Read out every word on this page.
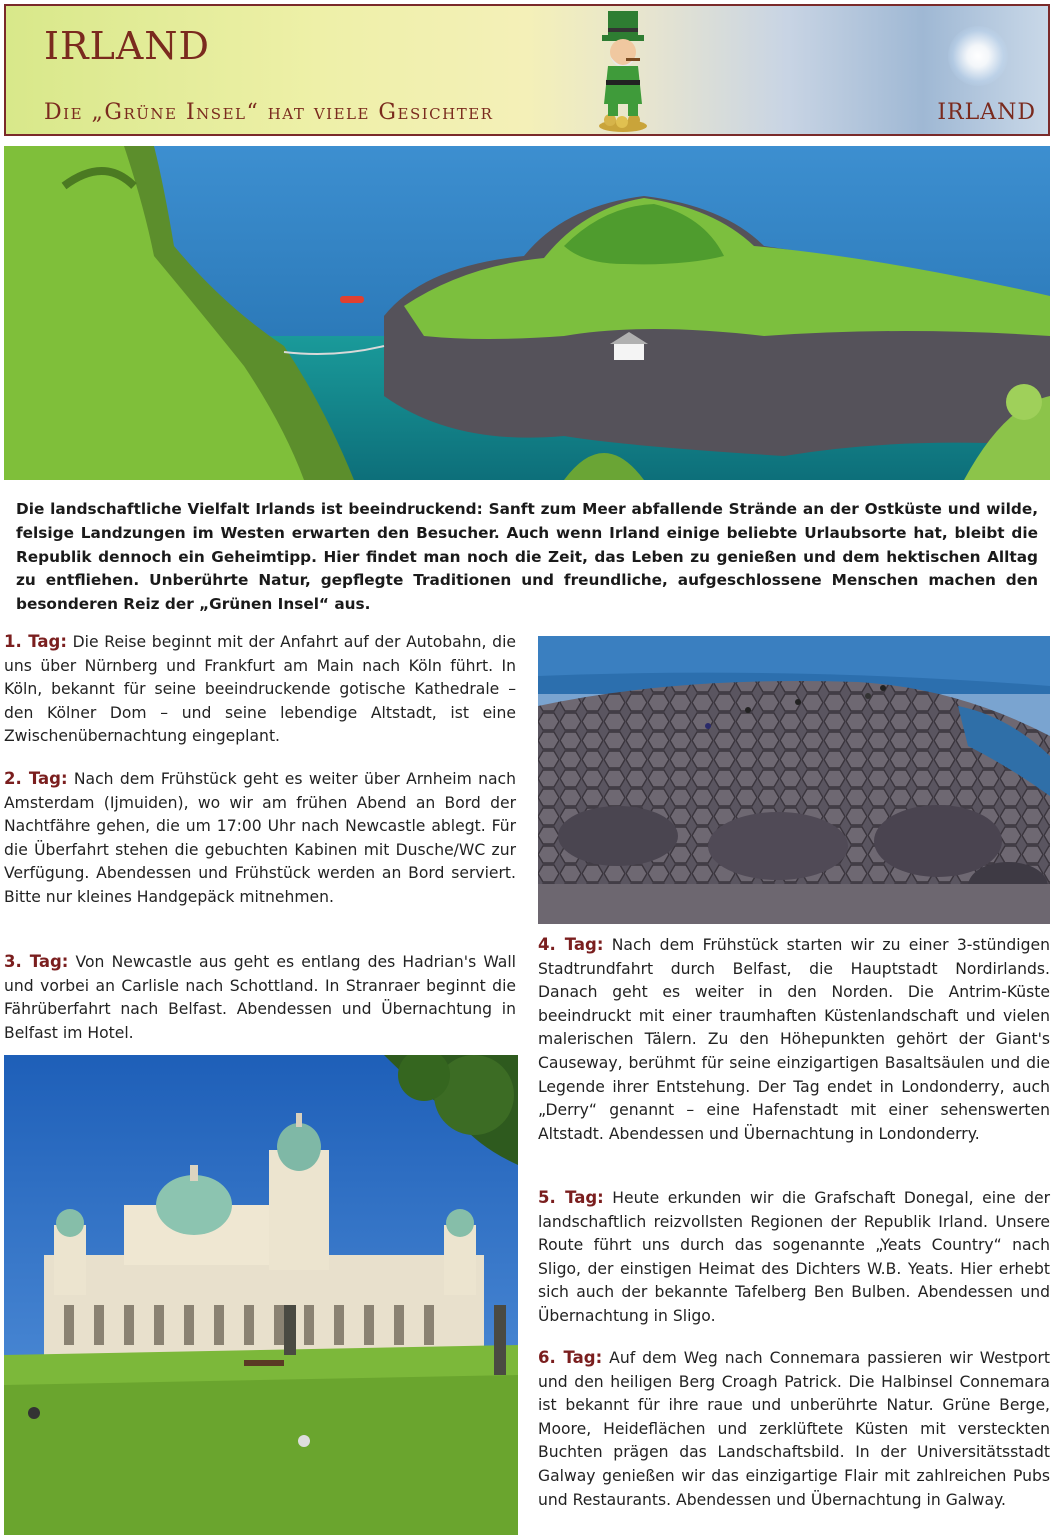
IRLAND
Die „Grüne Insel“ hat viele Gesichter	IRLAND
Die landschaftliche Vielfalt Irlands ist beeindruckend: Sanft zum Meer abfallende Strände an der Ostküste und wilde, felsige Landzungen im Westen erwarten den Besucher. Auch wenn Irland einige beliebte Urlaubsorte hat, bleibt die Republik dennoch ein Geheimtipp. Hier findet man noch die Zeit, das Leben zu genießen und dem hektischen Alltag zu entfliehen. Unberührte Natur, gepflegte Traditionen und freundliche, aufgeschlossene Menschen machen den besonderen Reiz der „Grünen Insel“ aus.
1. Tag: Die Reise beginnt mit der Anfahrt auf der Autobahn, die uns über Nürnberg und Frankfurt am Main nach Köln führt. In Köln, bekannt für seine beeindruckende gotische Kathedrale – den Kölner Dom – und seine lebendige Altstadt, ist eine Zwischenübernachtung eingeplant.
2. Tag: Nach dem Frühstück geht es weiter über Arnheim nach Amsterdam (Ijmuiden), wo wir am frühen Abend an Bord der Nachtfähre gehen, die um 17:00 Uhr nach Newcastle ablegt. Für die Überfahrt stehen die gebuchten Kabinen mit Dusche/WC zur Verfügung. Abendessen und Frühstück werden an Bord serviert. Bitte nur kleines Handgepäck mitnehmen.
3. Tag: Von Newcastle aus geht es entlang des Hadrian's Wall und vorbei an Carlisle nach Schottland. In Stranraer beginnt die Fährüberfahrt nach Belfast. Abendessen und Übernachtung in Belfast im Hotel.
4. Tag: Nach dem Frühstück starten wir zu einer 3-stündigen Stadtrundfahrt durch Belfast, die Hauptstadt Nordirlands. Danach geht es weiter in den Norden. Die Antrim-Küste beeindruckt mit einer traumhaften Küstenlandschaft und vielen malerischen Tälern. Zu den Höhepunkten gehört der Giant's Causeway, berühmt für seine einzigartigen Basaltsäulen und die Legende ihrer Entstehung. Der Tag endet in Londonderry, auch „Derry“ genannt – eine Hafenstadt mit einer sehenswerten Altstadt. Abendessen und Übernachtung in Londonderry.
5. Tag: Heute erkunden wir die Grafschaft Donegal, eine der landschaftlich reizvollsten Regionen der Republik Irland. Unsere Route führt uns durch das sogenannte „Yeats Country“ nach Sligo, der einstigen Heimat des Dichters W.B. Yeats. Hier erhebt sich auch der bekannte Tafelberg Ben Bulben. Abendessen und Übernachtung in Sligo.
6. Tag: Auf dem Weg nach Connemara passieren wir Westport und den heiligen Berg Croagh Patrick. Die Halbinsel Connemara ist bekannt für ihre raue und unberührte Natur. Grüne Berge, Moore, Heideflächen und zerklüftete Küsten mit versteckten Buchten prägen das Landschaftsbild. In der Universitätsstadt Galway genießen wir das einzigartige Flair mit zahlreichen Pubs und Restaurants. Abendessen und Übernachtung in Galway.
